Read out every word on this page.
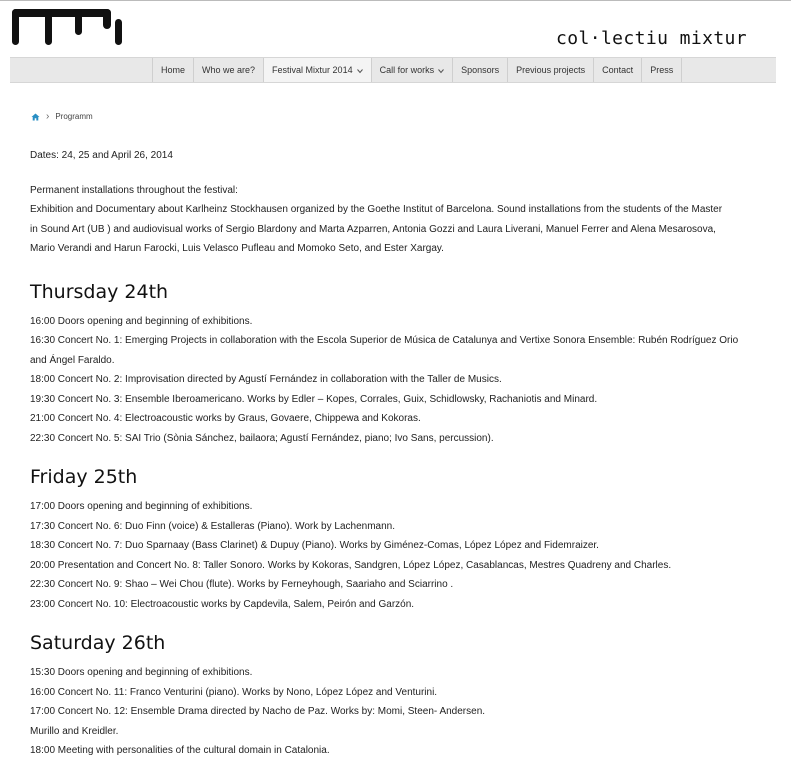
col·lectiu mixtur
Home	Who we are?	Festival Mixtur 2014	Call for works	Sponsors	Previous projects	Contact	Press
› Programm

Dates: 24, 25 and April 26, 2014

Permanent installations throughout the festival:
Exhibition and Documentary about Karlheinz Stockhausen organized by the Goethe Institut of Barcelona. Sound installations from the students of the Master
in Sound Art (UB ) and audiovisual works of Sergio Blardony and Marta Azparren, Antonia Gozzi and Laura Liverani, Manuel Ferrer and Alena Mesarosova,
Mario Verandi and Harun Farocki, Luis Velasco Pufleau and Momoko Seto, and Ester Xargay.
Thursday 24th
16:00 Doors opening and beginning of exhibitions.
16:30 Concert No. 1: Emerging Projects in collaboration with the Escola Superior de Música de Catalunya and Vertixe Sonora Ensemble: Rubén Rodríguez Orio
and Ángel Faraldo.
18:00 Concert No. 2: Improvisation directed by Agustí Fernández in collaboration with the Taller de Musics.
19:30 Concert No. 3: Ensemble Iberoamericano. Works by Edler – Kopes, Corrales, Guix, Schidlowsky, Rachaniotis and Minard.
21:00 Concert No. 4: Electroacoustic works by Graus, Govaere, Chippewa and Kokoras.
22:30 Concert No. 5: SAI Trio (Sònia Sánchez, bailaora; Agustí Fernández, piano; Ivo Sans, percussion).
Friday 25th
17:00 Doors opening and beginning of exhibitions.
17:30 Concert No. 6: Duo Finn (voice) & Estalleras (Piano). Work by Lachenmann.
18:30 Concert No. 7: Duo Sparnaay (Bass Clarinet) & Dupuy (Piano). Works by Giménez-Comas, López López and Fidemraizer.
20:00 Presentation and Concert No. 8: Taller Sonoro. Works by Kokoras, Sandgren, López López, Casablancas, Mestres Quadreny and Charles.
22:30 Concert No. 9: Shao – Wei Chou (flute). Works by Ferneyhough, Saariaho and Sciarrino .
23:00 Concert No. 10: Electroacoustic works by Capdevila, Salem, Peirón and Garzón.
Saturday 26th
15:30 Doors opening and beginning of exhibitions.
16:00 Concert No. 11: Franco Venturini (piano). Works by Nono, López López and Venturini.
17:00 Concert No. 12: Ensemble Drama directed by Nacho de Paz. Works by: Momi, Steen- Andersen.
Murillo and Kreidler.
18:00 Meeting with personalities of the cultural domain in Catalonia.
